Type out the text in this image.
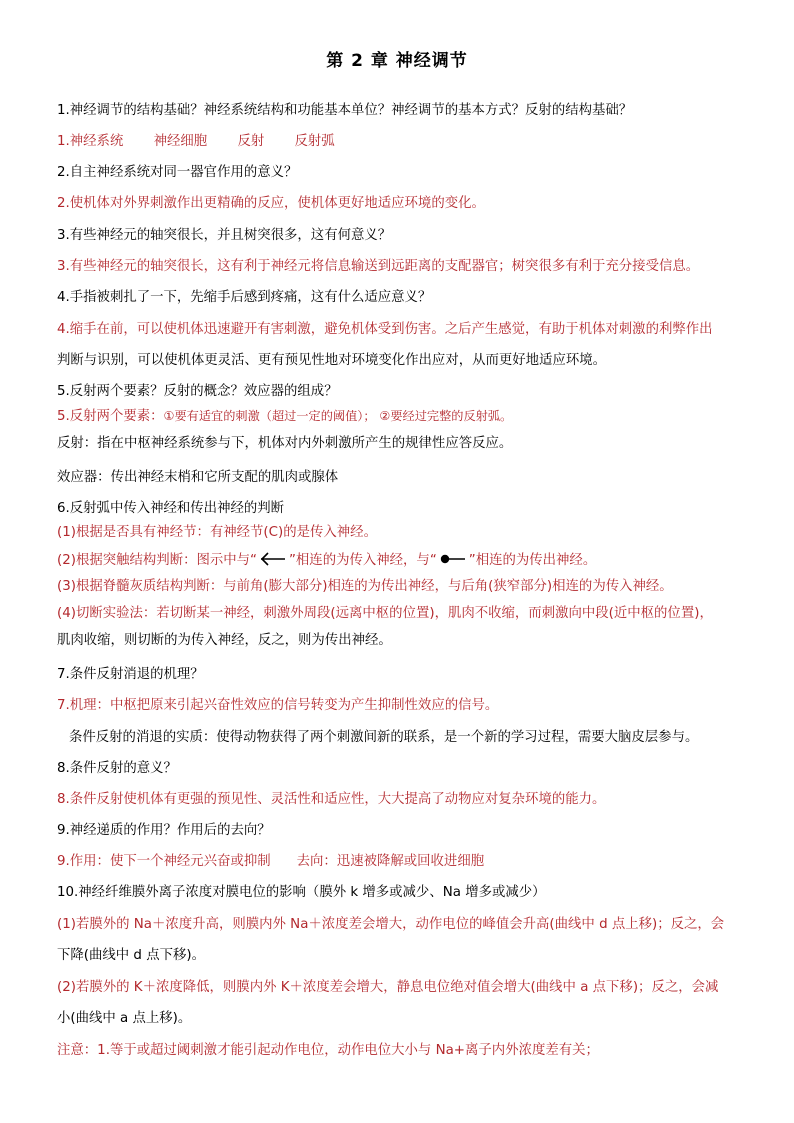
第 2 章 神经调节
1.神经调节的结构基础？神经系统结构和功能基本单位？神经调节的基本方式？反射的结构基础？
1.神经系统 神经细胞 反射 反射弧
2.自主神经系统对同一器官作用的意义？
2.使机体对外界刺激作出更精确的反应，使机体更好地适应环境的变化。
3.有些神经元的轴突很长，并且树突很多，这有何意义？
3.有些神经元的轴突很长，这有利于神经元将信息输送到远距离的支配器官；树突很多有利于充分接受信息。
4.手指被刺扎了一下，先缩手后感到疼痛，这有什么适应意义？
4.缩手在前，可以使机体迅速避开有害刺激，避免机体受到伤害。之后产生感觉，有助于机体对刺激的利弊作出
判断与识别，可以使机体更灵活、更有预见性地对环境变化作出应对，从而更好地适应环境。
5.反射两个要素？反射的概念？效应器的组成？
5.反射两个要素：①要有适宜的刺激（超过一定的阈值）； ②要经过完整的反射弧。
反射：指在中枢神经系统参与下，机体对内外刺激所产生的规律性应答反应。
效应器：传出神经末梢和它所支配的肌肉或腺体
6.反射弧中传入神经和传出神经的判断
(1)根据是否具有神经节：有神经节(C)的是传入神经。
(2)根据突触结构判断：图示中与“ ”相连的为传入神经，与“ ”相连的为传出神经。
(3)根据脊髓灰质结构判断：与前角(膨大部分)相连的为传出神经，与后角(狭窄部分)相连的为传入神经。
(4)切断实验法：若切断某一神经，刺激外周段(远离中枢的位置)，肌肉不收缩，而刺激向中段(近中枢的位置)，
肌肉收缩，则切断的为传入神经，反之，则为传出神经。
7.条件反射消退的机理？
7.机理：中枢把原来引起兴奋性效应的信号转变为产生抑制性效应的信号。
条件反射的消退的实质：使得动物获得了两个刺激间新的联系，是一个新的学习过程，需要大脑皮层参与。
8.条件反射的意义？
8.条件反射使机体有更强的预见性、灵活性和适应性，大大提高了动物应对复杂环境的能力。
9.神经递质的作用？作用后的去向？
9.作用：使下一个神经元兴奋或抑制 去向：迅速被降解或回收进细胞
10.神经纤维膜外离子浓度对膜电位的影响（膜外 k 增多或减少、Na 增多或减少）
(1)若膜外的 Na＋浓度升高，则膜内外 Na＋浓度差会增大，动作电位的峰值会升高(曲线中 d 点上移)；反之，会
下降(曲线中 d 点下移)。
(2)若膜外的 K＋浓度降低，则膜内外 K＋浓度差会增大，静息电位绝对值会增大(曲线中 a 点下移)；反之，会减
小(曲线中 a 点上移)。
注意：1.等于或超过阈刺激才能引起动作电位，动作电位大小与 Na+离子内外浓度差有关；
